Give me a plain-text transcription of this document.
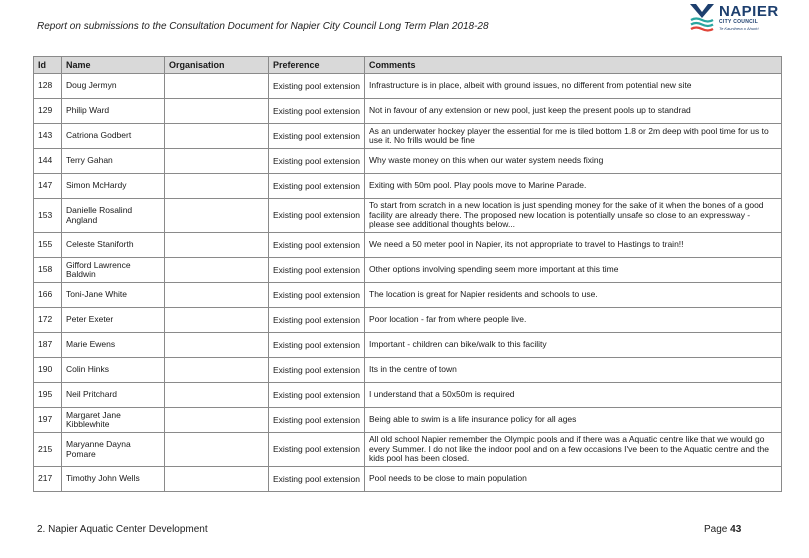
Report on submissions to the Consultation Document for Napier City Council Long Term Plan 2018-28
NAPIER
CITY COUNCIL
Te Kaunihera o Ahuriri
Id	Name	Organisation	Preference	Comments
128	Doug Jermyn		Existing pool extension	Infrastructure is in place, albeit with ground issues, no different from potential new site
129	Philip Ward		Existing pool extension	Not in favour of any extension or new pool, just keep the present pools up to standrad
143	Catriona Godbert		Existing pool extension	As an underwater hockey player the essential for me is tiled bottom 1.8 or 2m deep with pool time for us to use it. No frills would be fine
144	Terry Gahan		Existing pool extension	Why waste money on this when our water system needs fixing
147	Simon McHardy		Existing pool extension	Exiting with 50m pool. Play pools move to Marine Parade.
153	Danielle Rosalind Angland		Existing pool extension	To start from scratch in a new location is just spending money for the sake of it when the bones of a good facility are already there. The proposed new location is potentially unsafe so close to an expressway - please see additional thoughts below...
155	Celeste Staniforth		Existing pool extension	We need a 50 meter pool in Napier, its not appropriate to travel to Hastings to train!!
158	Gifford Lawrence Baldwin		Existing pool extension	Other options involving spending seem more important at this time
166	Toni-Jane White		Existing pool extension	The location is great for Napier residents and schools to use.
172	Peter Exeter		Existing pool extension	Poor location - far from where people live.
187	Marie Ewens		Existing pool extension	Important - children can bike/walk to this facility
190	Colin Hinks		Existing pool extension	Its in the centre of town
195	Neil Pritchard		Existing pool extension	I understand that a 50x50m is required
197	Margaret Jane Kibblewhite		Existing pool extension	Being able to swim is a life insurance policy for all ages
215	Maryanne Dayna Pomare		Existing pool extension	All old school Napier remember the Olympic pools and if there was a Aquatic centre like that we would go every Summer. I do not like the indoor pool and on a few occasions I've been to the Aquatic centre and the kids pool has been closed.
217	Timothy John Wells		Existing pool extension	Pool needs to be close to main population
2. Napier Aquatic Center Development	Page 43
